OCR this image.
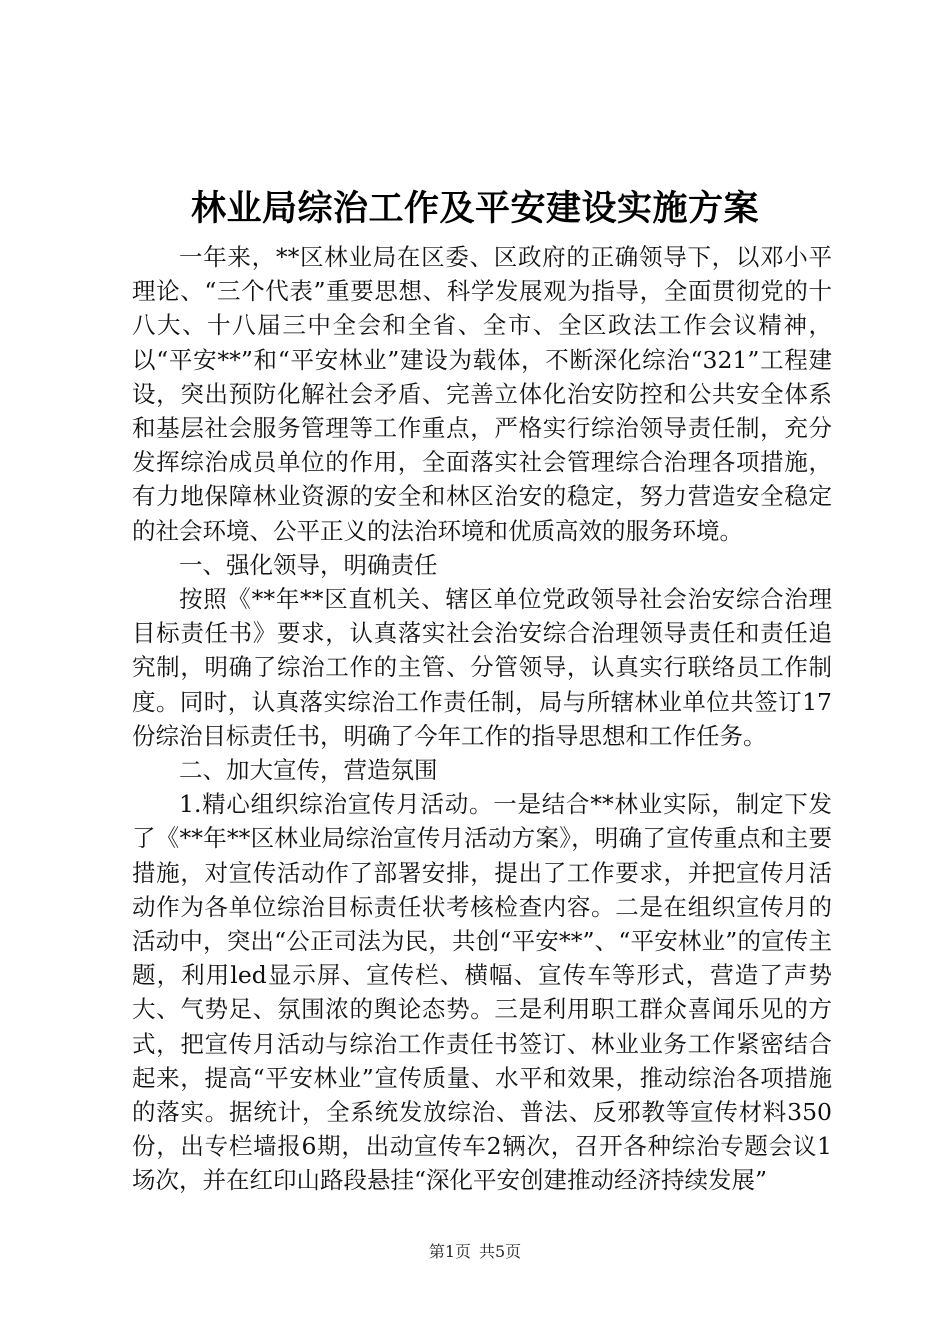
林业局综治工作及平安建设实施方案

一年来，**区林业局在区委、区政府的正确领导下，以邓小平理论、“三个代表”重要思想、科学发展观为指导，全面贯彻党的十八大、十八届三中全会和全省、全市、全区政法工作会议精神，以“平安**”和“平安林业”建设为载体，不断深化综治“321”工程建设，突出预防化解社会矛盾、完善立体化治安防控和公共安全体系和基层社会服务管理等工作重点，严格实行综治领导责任制，充分发挥综治成员单位的作用，全面落实社会管理综合治理各项措施，有力地保障林业资源的安全和林区治安的稳定，努力营造安全稳定的社会环境、公平正义的法治环境和优质高效的服务环境。

一、强化领导，明确责任

按照《**年**区直机关、辖区单位党政领导社会治安综合治理目标责任书》要求，认真落实社会治安综合治理领导责任和责任追究制，明确了综治工作的主管、分管领导，认真实行联络员工作制度。同时，认真落实综治工作责任制，局与所辖林业单位共签订17份综治目标责任书，明确了今年工作的指导思想和工作任务。

二、加大宣传，营造氛围

1.精心组织综治宣传月活动。一是结合**林业实际，制定下发了《**年**区林业局综治宣传月活动方案》，明确了宣传重点和主要措施，对宣传活动作了部署安排，提出了工作要求，并把宣传月活动作为各单位综治目标责任状考核检查内容。二是在组织宣传月的活动中，突出“公正司法为民，共创“平安**”、“平安林业”的宣传主题，利用led显示屏、宣传栏、横幅、宣传车等形式，营造了声势大、气势足、氛围浓的舆论态势。三是利用职工群众喜闻乐见的方式，把宣传月活动与综治工作责任书签订、林业业务工作紧密结合起来，提高“平安林业”宣传质量、水平和效果，推动综治各项措施的落实。据统计，全系统发放综治、普法、反邪教等宣传材料350份，出专栏墙报6期，出动宣传车2辆次，召开各种综治专题会议1场次，并在红印山路段悬挂“深化平安创建推动经济持续发展”

第1页 共5页
